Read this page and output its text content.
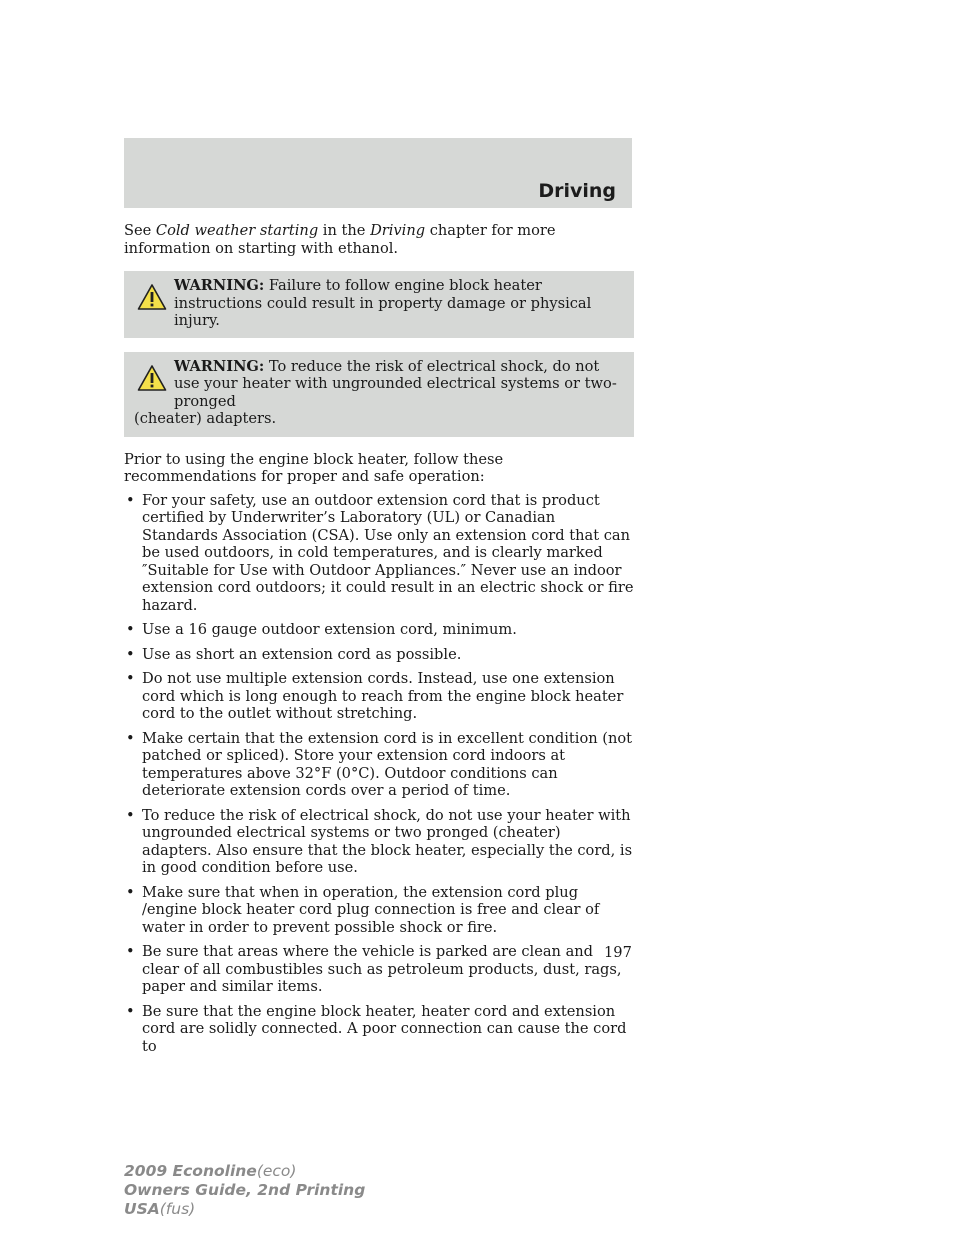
Driving

See Cold weather starting in the Driving chapter for more information on starting with ethanol.

WARNING: Failure to follow engine block heater instructions could result in property damage or physical injury.

WARNING: To reduce the risk of electrical shock, do not use your heater with ungrounded electrical systems or two-pronged

(cheater) adapters.

Prior to using the engine block heater, follow these recommendations for proper and safe operation:

• For your safety, use an outdoor extension cord that is product certified by Underwriter’s Laboratory (UL) or Canadian Standards Association (CSA). Use only an extension cord that can be used outdoors, in cold temperatures, and is clearly marked ″Suitable for Use with Outdoor Appliances.″ Never use an indoor extension cord outdoors; it could result in an electric shock or fire hazard.
• Use a 16 gauge outdoor extension cord, minimum.
• Use as short an extension cord as possible.
• Do not use multiple extension cords. Instead, use one extension cord which is long enough to reach from the engine block heater cord to the outlet without stretching.
• Make certain that the extension cord is in excellent condition (not patched or spliced). Store your extension cord indoors at temperatures above 32°F (0°C). Outdoor conditions can deteriorate extension cords over a period of time.
• To reduce the risk of electrical shock, do not use your heater with ungrounded electrical systems or two pronged (cheater) adapters. Also ensure that the block heater, especially the cord, is in good condition before use.
• Make sure that when in operation, the extension cord plug /engine block heater cord plug connection is free and clear of water in order to prevent possible shock or fire.
• Be sure that areas where the vehicle is parked are clean and clear of all combustibles such as petroleum products, dust, rags, paper and similar items.
• Be sure that the engine block heater, heater cord and extension cord are solidly connected. A poor connection can cause the cord to
197
2009 Econoline(eco)
Owners Guide, 2nd Printing
USA(fus)
